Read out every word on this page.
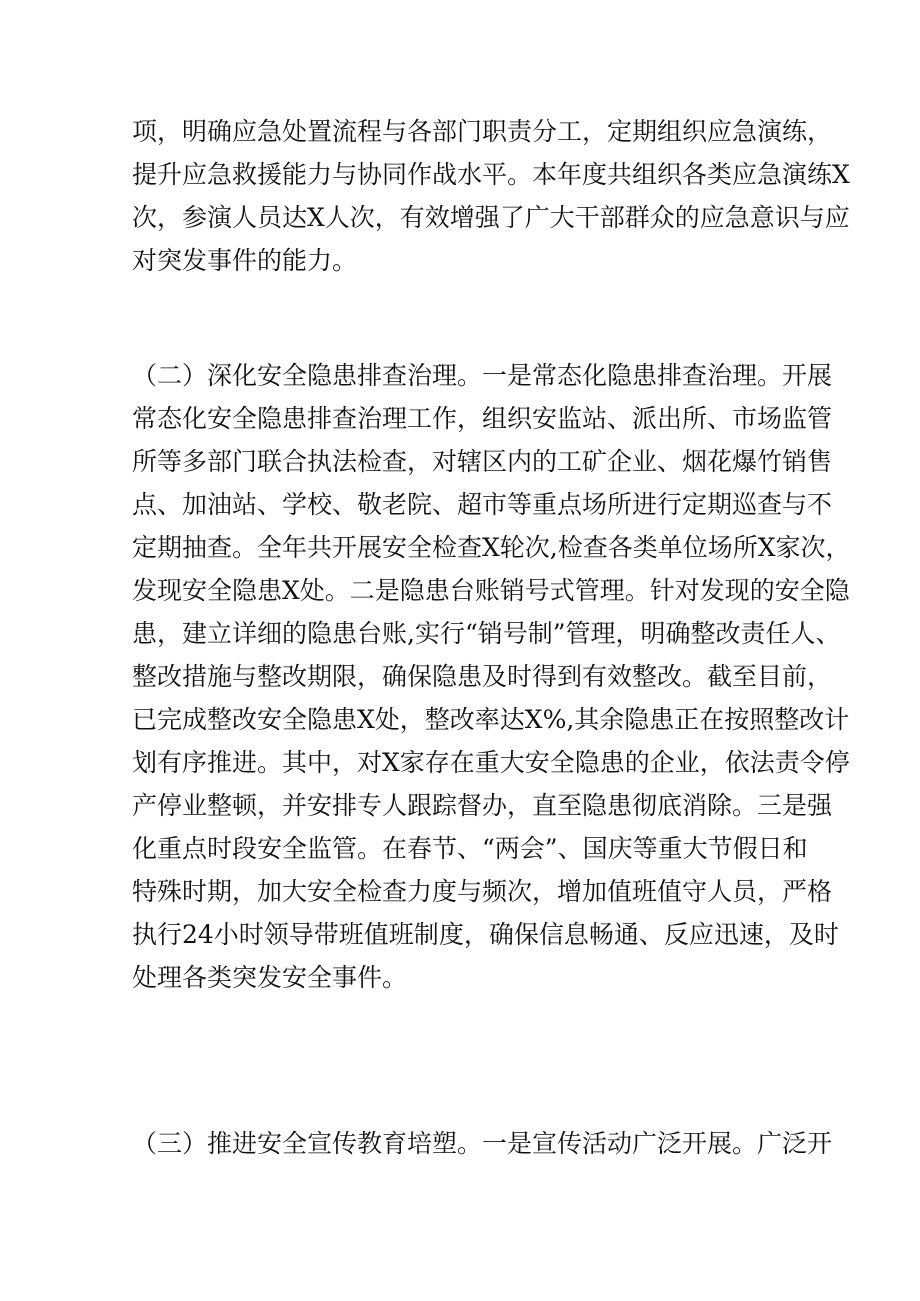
项，明确应急处置流程与各部门职责分工，定期组织应急演练，
提升应急救援能力与协同作战水平。本年度共组织各类应急演练X
次，参演人员达X人次，有效增强了广大干部群众的应急意识与应
对突发事件的能力。
（二）深化安全隐患排查治理。一是常态化隐患排查治理。开展
常态化安全隐患排查治理工作，组织安监站、派出所、市场监管
所等多部门联合执法检查，对辖区内的工矿企业、烟花爆竹销售
点、加油站、学校、敬老院、超市等重点场所进行定期巡查与不
定期抽查。全年共开展安全检查X轮次,检查各类单位场所X家次，
发现安全隐患X处。二是隐患台账销号式管理。针对发现的安全隐
患，建立详细的隐患台账,实行“销号制”管理，明确整改责任人、
整改措施与整改期限，确保隐患及时得到有效整改。截至目前，
已完成整改安全隐患X处，整改率达X%,其余隐患正在按照整改计
划有序推进。其中，对X家存在重大安全隐患的企业，依法责令停
产停业整顿，并安排专人跟踪督办，直至隐患彻底消除。三是强
化重点时段安全监管。在春节、“两会”、国庆等重大节假日和
特殊时期，加大安全检查力度与频次，增加值班值守人员，严格
执行24小时领导带班值班制度，确保信息畅通、反应迅速，及时
处理各类突发安全事件。
（三）推进安全宣传教育培塑。一是宣传活动广泛开展。广泛开
